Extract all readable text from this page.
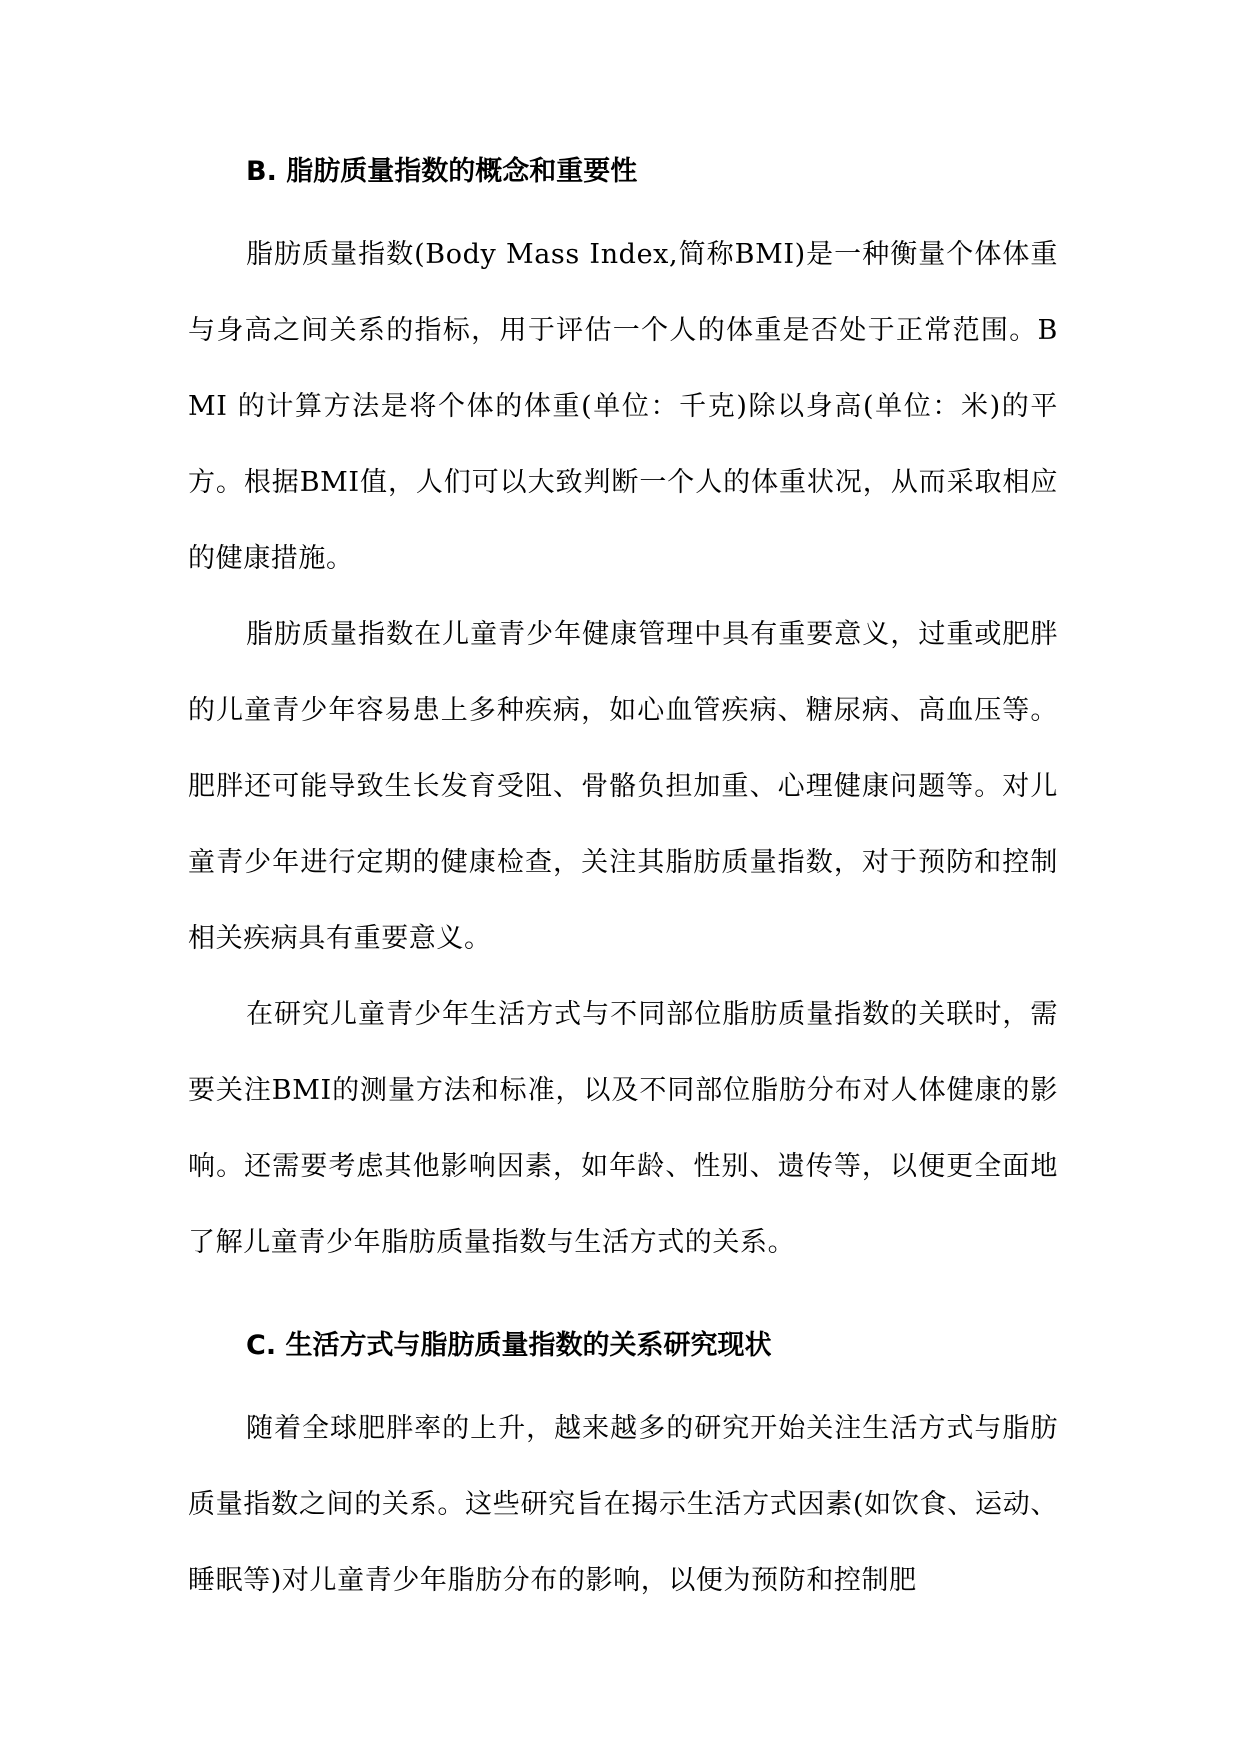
B. 脂肪质量指数的概念和重要性

脂肪质量指数(Body Mass Index,简称BMI)是一种衡量个体体重与身高之间关系的指标，用于评估一个人的体重是否处于正常范围。BMI 的计算方法是将个体的体重(单位：千克)除以身高(单位：米)的平方。根据BMI值，人们可以大致判断一个人的体重状况，从而采取相应的健康措施。

脂肪质量指数在儿童青少年健康管理中具有重要意义，过重或肥胖的儿童青少年容易患上多种疾病，如心血管疾病、糖尿病、高血压等。肥胖还可能导致生长发育受阻、骨骼负担加重、心理健康问题等。对儿童青少年进行定期的健康检查，关注其脂肪质量指数，对于预防和控制相关疾病具有重要意义。

在研究儿童青少年生活方式与不同部位脂肪质量指数的关联时，需要关注BMI的测量方法和标准，以及不同部位脂肪分布对人体健康的影响。还需要考虑其他影响因素，如年龄、性别、遗传等，以便更全面地了解儿童青少年脂肪质量指数与生活方式的关系。

C. 生活方式与脂肪质量指数的关系研究现状

随着全球肥胖率的上升，越来越多的研究开始关注生活方式与脂肪质量指数之间的关系。这些研究旨在揭示生活方式因素(如饮食、运动、睡眠等)对儿童青少年脂肪分布的影响，以便为预防和控制肥
